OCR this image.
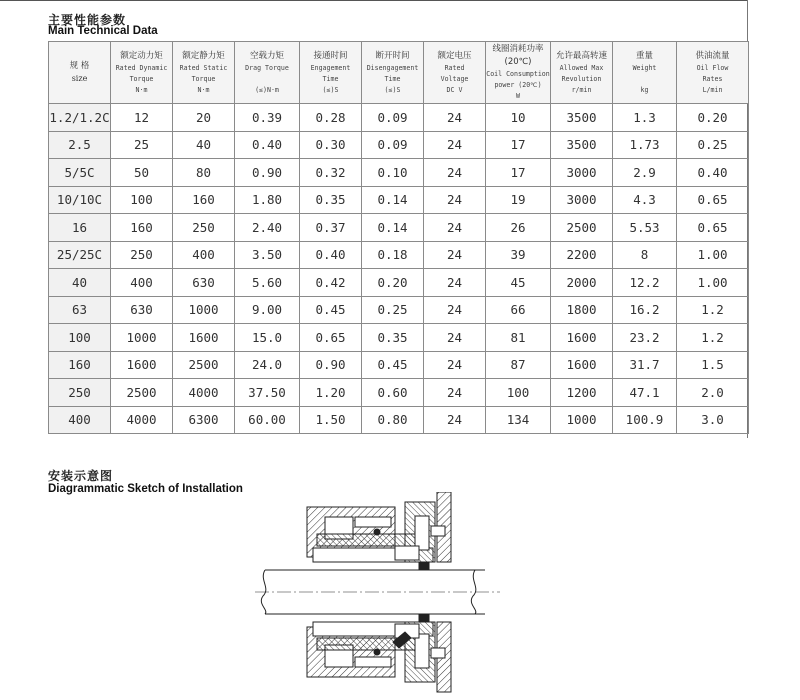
主要性能参数
Main Technical Data
规 格
size	额定动力矩
Rated Dynamic
Torque
N·m	额定静力矩
Rated Static
Torque
N·m	空载力矩
Drag Torque

(≤)N·m	接通时间
Engagement
Time
(≤)S	断开时间
Disengagement
Time
(≤)S	额定电压
Rated
Voltage
DC V	线圈消耗功率 (20℃)
Coil Consumption
power (20℃)
W	允许最高转速
Allowed Max
Revolution
r/min	重量
Weight

kg	供油流量
Oil Flow
Rates
L/min

1.2/1.2C	12	20	0.39	0.28	0.09	24	10	3500	1.3	0.20
2.5	25	40	0.40	0.30	0.09	24	17	3500	1.73	0.25
5/5C	50	80	0.90	0.32	0.10	24	17	3000	2.9	0.40
10/10C	100	160	1.80	0.35	0.14	24	19	3000	4.3	0.65
16	160	250	2.40	0.37	0.14	24	26	2500	5.53	0.65
25/25C	250	400	3.50	0.40	0.18	24	39	2200	8	1.00
40	400	630	5.60	0.42	0.20	24	45	2000	12.2	1.00
63	630	1000	9.00	0.45	0.25	24	66	1800	16.2	1.2
100	1000	1600	15.0	0.65	0.35	24	81	1600	23.2	1.2
160	1600	2500	24.0	0.90	0.45	24	87	1600	31.7	1.5
250	2500	4000	37.50	1.20	0.60	24	100	1200	47.1	2.0
400	4000	6300	60.00	1.50	0.80	24	134	1000	100.9	3.0
安装示意图
Diagrammatic Sketch of Installation
